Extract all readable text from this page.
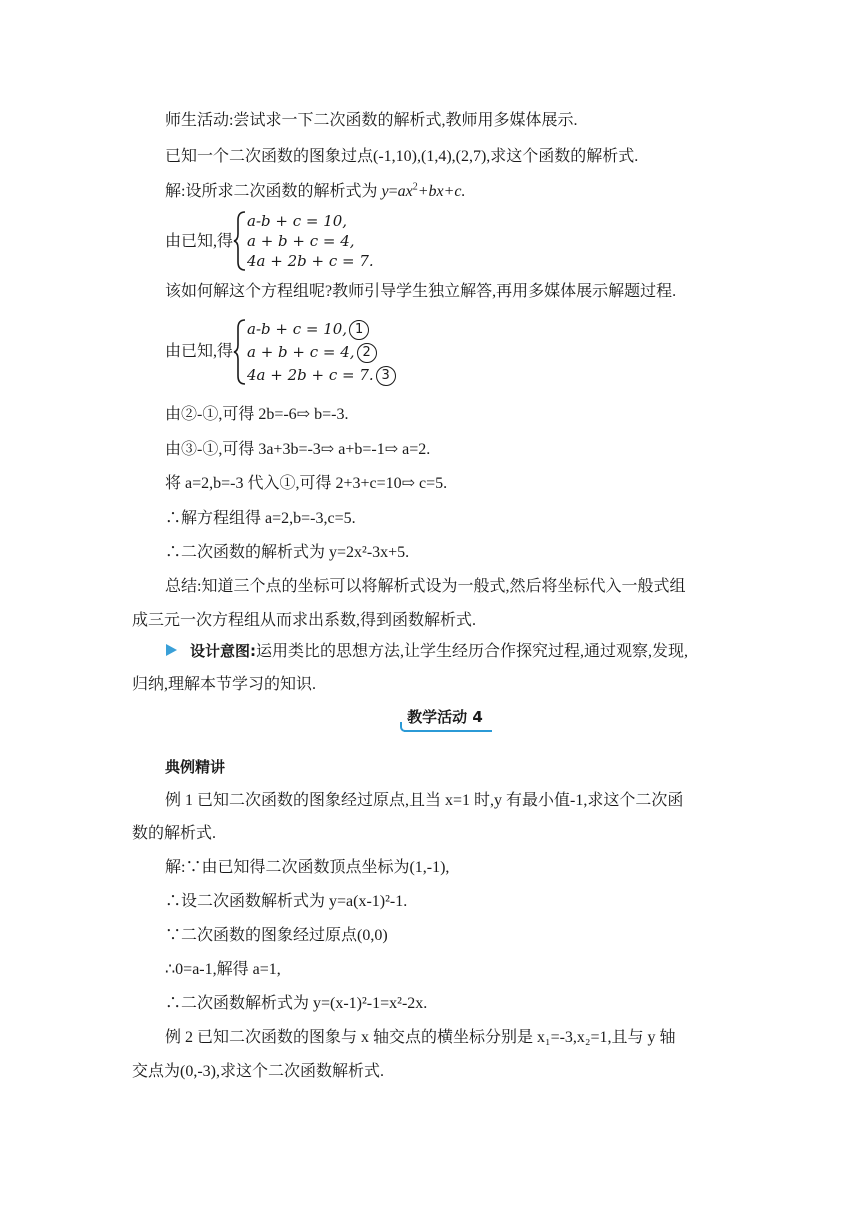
师生活动:尝试求一下二次函数的解析式,教师用多媒体展示.
已知一个二次函数的图象过点(-1,10),(1,4),(2,7),求这个函数的解析式.
解:设所求二次函数的解析式为 $y=ax^2+bx+c$.
由已知,得
a-b + c = 10,
a + b + c = 4,
4a + 2b + c = 7.
该如何解这个方程组呢?教师引导学生独立解答,再用多媒体展示解题过程.
由已知,得
a-b + c = 10, 1
a + b + c = 4, 2
4a + 2b + c = 7. 3
由②-①,可得 2b=-6⇨ b=-3.
由③-①,可得 3a+3b=-3⇨ a+b=-1⇨ a=2.
将 a=2,b=-3 代入①,可得 2+3+c=10⇨ c=5.
∴解方程组得 a=2,b=-3,c=5.
∴二次函数的解析式为 y=2x²-3x+5.
总结:知道三个点的坐标可以将解析式设为一般式,然后将坐标代入一般式组
成三元一次方程组从而求出系数,得到函数解析式.
设计意图:运用类比的思想方法,让学生经历合作探究过程,通过观察,发现,
归纳,理解本节学习的知识.
教学活动 4
典例精讲
例 1 已知二次函数的图象经过原点,且当 x=1 时,y 有最小值-1,求这个二次函
数的解析式.
解:∵由已知得二次函数顶点坐标为(1,-1),
∴设二次函数解析式为 y=a(x-1)²-1.
∵二次函数的图象经过原点(0,0)
∴0=a-1,解得 a=1,
∴二次函数解析式为 y=(x-1)²-1=x²-2x.
例 2 已知二次函数的图象与 x 轴交点的横坐标分别是 x₁=-3,x₂=1,且与 y 轴
交点为(0,-3),求这个二次函数解析式.
